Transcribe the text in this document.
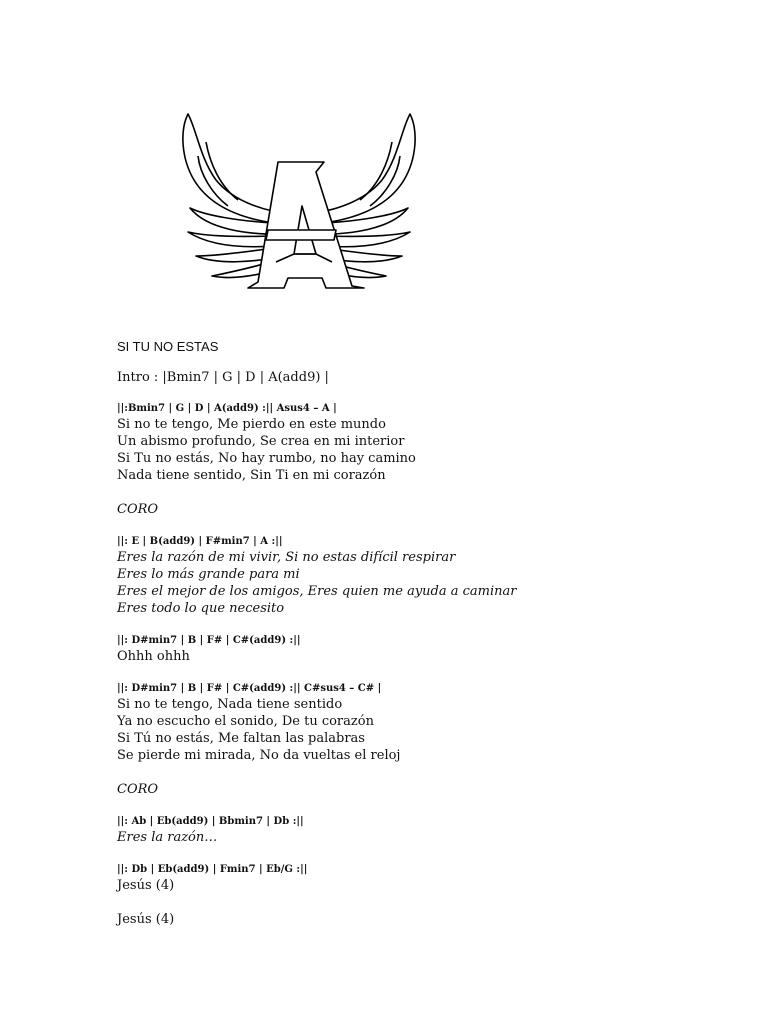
SI TU NO ESTAS

Intro : |Bmin7 | G | D | A(add9) |

||:Bmin7 | G | D | A(add9) :|| Asus4 – A |

Si no te tengo, Me pierdo en este mundo

Un abismo profundo, Se crea en mi interior

Si Tu no estás, No hay rumbo, no hay camino

Nada tiene sentido, Sin Ti en mi corazón

CORO

||: E | B(add9) | F#min7 | A :||

Eres la razón de mi vivir, Si no estas difícil respirar

Eres lo más grande para mi

Eres el mejor de los amigos, Eres quien me ayuda a caminar

Eres todo lo que necesito

||: D#min7 | B | F# | C#(add9) :||

Ohhh ohhh

||: D#min7 | B | F# | C#(add9) :|| C#sus4 – C# |

Si no te tengo, Nada tiene sentido

Ya no escucho el sonido, De tu corazón

Si Tú no estás, Me faltan las palabras

Se pierde mi mirada, No da vueltas el reloj

CORO

||: Ab | Eb(add9) | Bbmin7 | Db :||

Eres la razón…

||: Db | Eb(add9) | Fmin7 | Eb/G :||

Jesús (4)

Jesús (4)
